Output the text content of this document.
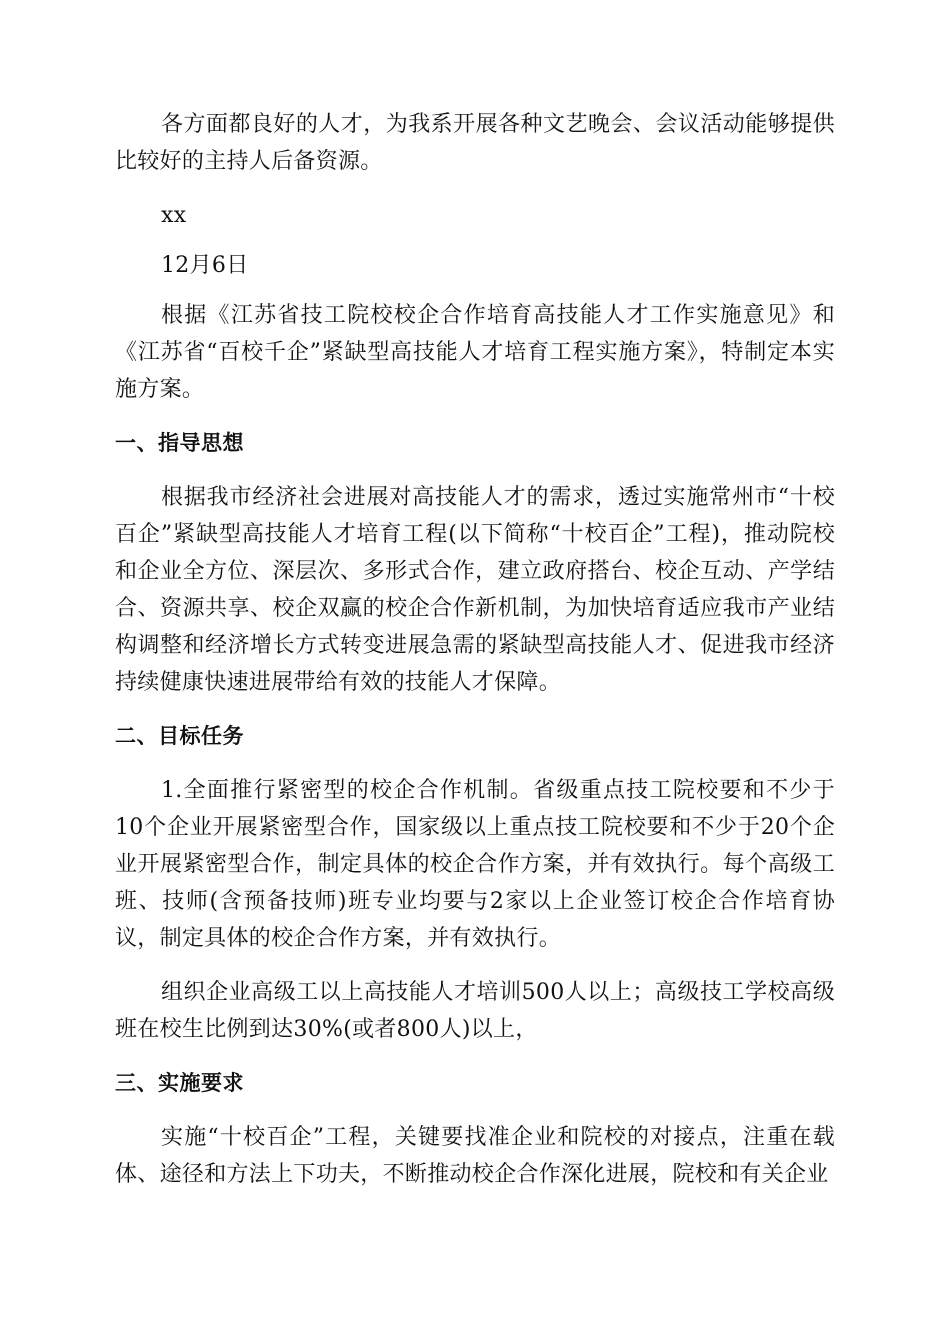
各方面都良好的人才，为我系开展各种文艺晚会、会议活动能够提供比较好的主持人后备资源。

xx

12月6日

根据《江苏省技工院校校企合作培育高技能人才工作实施意见》和《江苏省“百校千企”紧缺型高技能人才培育工程实施方案》，特制定本实施方案。

一、指导思想

根据我市经济社会进展对高技能人才的需求，透过实施常州市“十校百企”紧缺型高技能人才培育工程(以下简称“十校百企”工程)，推动院校和企业全方位、深层次、多形式合作，建立政府搭台、校企互动、产学结合、资源共享、校企双赢的校企合作新机制，为加快培育适应我市产业结构调整和经济增长方式转变进展急需的紧缺型高技能人才、促进我市经济持续健康快速进展带给有效的技能人才保障。

二、目标任务

1.全面推行紧密型的校企合作机制。省级重点技工院校要和不少于10个企业开展紧密型合作，国家级以上重点技工院校要和不少于20个企业开展紧密型合作，制定具体的校企合作方案，并有效执行。每个高级工班、技师(含预备技师)班专业均要与2家以上企业签订校企合作培育协议，制定具体的校企合作方案，并有效执行。

组织企业高级工以上高技能人才培训500人以上；高级技工学校高级班在校生比例到达30%(或者800人)以上，

三、实施要求

实施“十校百企”工程，关键要找准企业和院校的对接点，注重在载体、途径和方法上下功夫，不断推动校企合作深化进展，院校和有关企业
